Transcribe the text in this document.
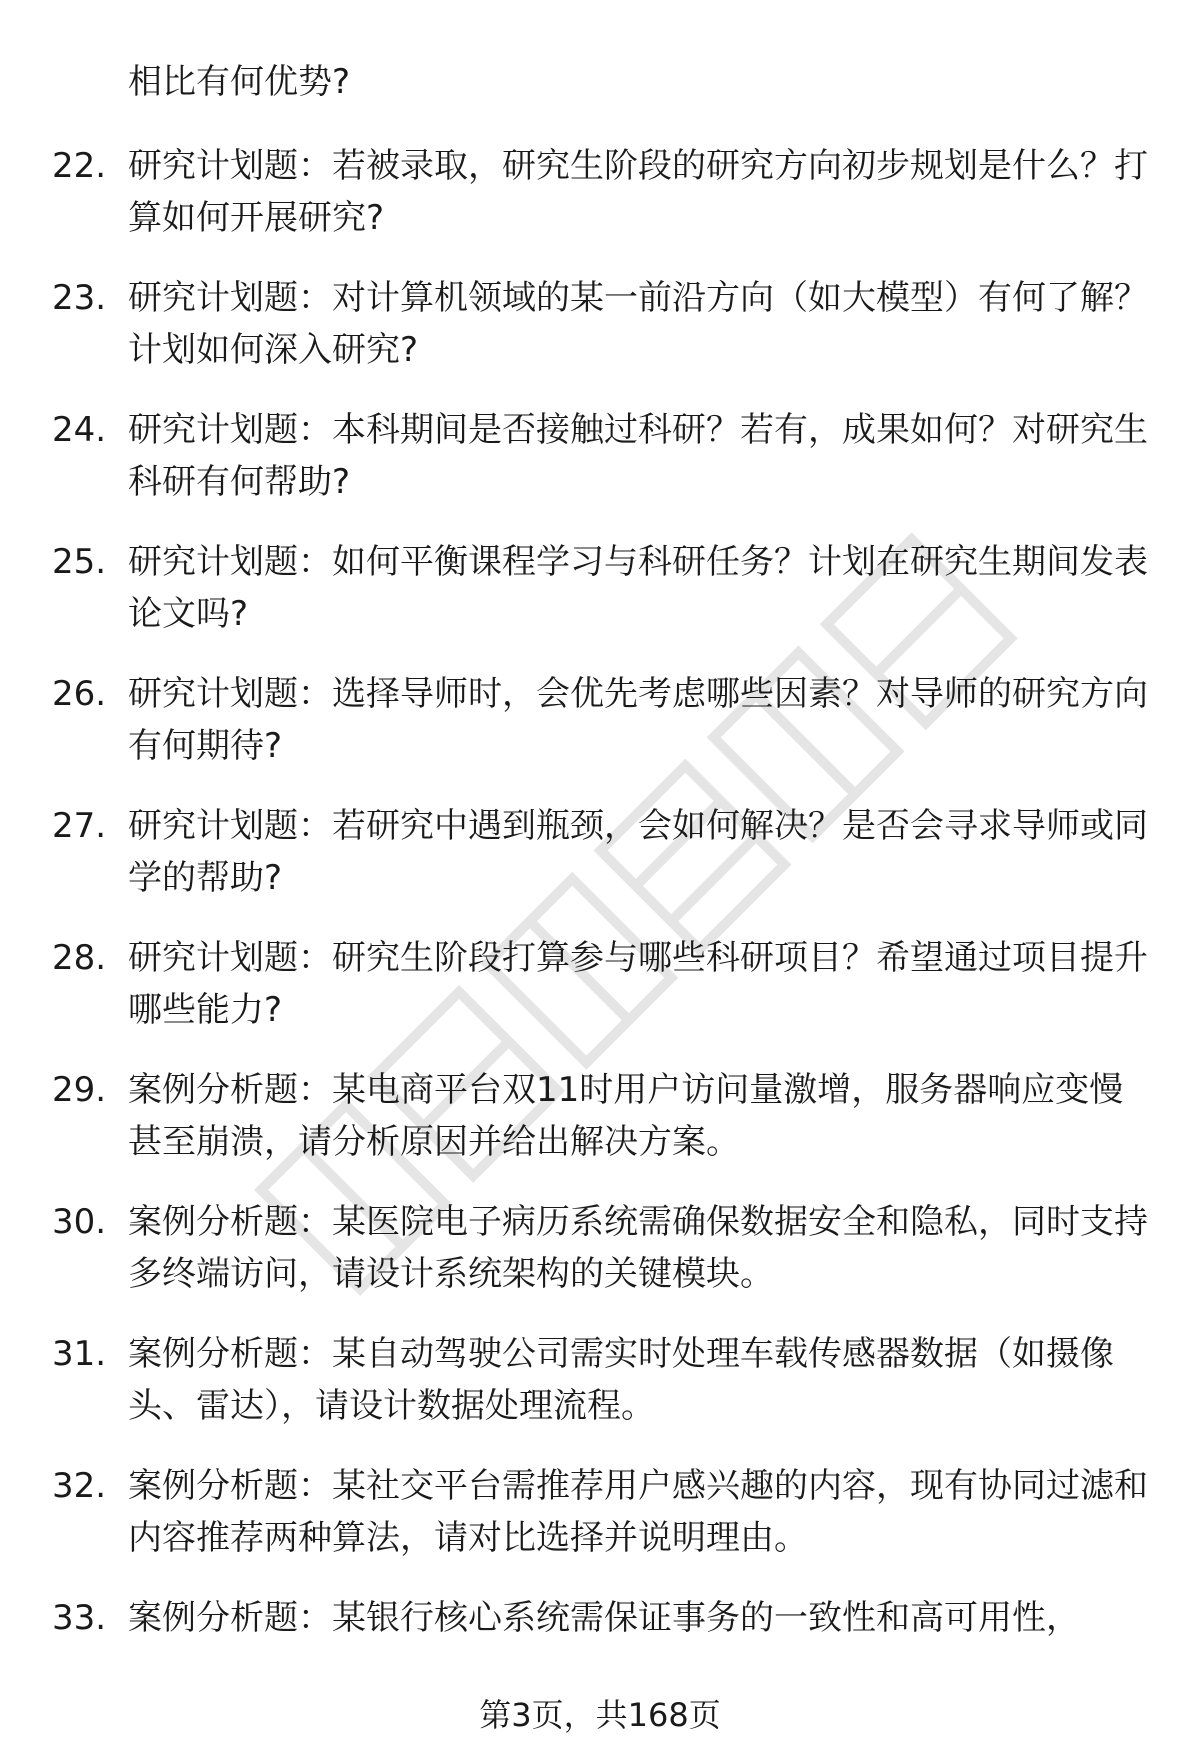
相比有何优势?
22. 研究计划题：若被录取，研究生阶段的研究方向初步规划是什么？打算如何开展研究?
23. 研究计划题：对计算机领域的某一前沿方向（如大模型）有何了解？计划如何深入研究?
24. 研究计划题：本科期间是否接触过科研？若有，成果如何？对研究生科研有何帮助?
25. 研究计划题：如何平衡课程学习与科研任务？计划在研究生期间发表论文吗?
26. 研究计划题：选择导师时，会优先考虑哪些因素？对导师的研究方向有何期待?
27. 研究计划题：若研究中遇到瓶颈，会如何解决？是否会寻求导师或同学的帮助?
28. 研究计划题：研究生阶段打算参与哪些科研项目？希望通过项目提升哪些能力?
29. 案例分析题：某电商平台双11时用户访问量激增，服务器响应变慢甚至崩溃，请分析原因并给出解决方案。
30. 案例分析题：某医院电子病历系统需确保数据安全和隐私，同时支持多终端访问，请设计系统架构的关键模块。
31. 案例分析题：某自动驾驶公司需实时处理车载传感器数据（如摄像头、雷达），请设计数据处理流程。
32. 案例分析题：某社交平台需推荐用户感兴趣的内容，现有协同过滤和内容推荐两种算法，请对比选择并说明理由。
33. 案例分析题：某银行核心系统需保证事务的一致性和高可用性，
第3页，共168页
